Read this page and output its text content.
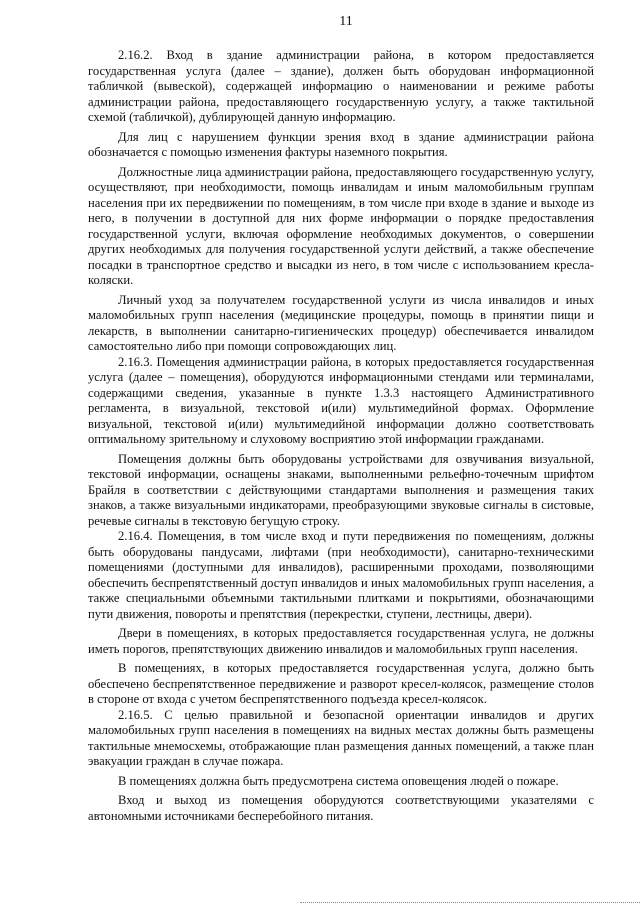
11

2.16.2. Вход в здание администрации района, в котором предоставляется государственная услуга (далее – здание), должен быть оборудован информационной табличкой (вывеской), содержащей информацию о наименовании и режиме работы администрации района, предоставляющего государственную услугу, а также тактильной схемой (табличкой), дублирующей данную информацию.

Для лиц с нарушением функции зрения вход в здание администрации района обозначается с помощью изменения фактуры наземного покрытия.

Должностные лица администрации района, предоставляющего государственную услугу, осуществляют, при необходимости, помощь инвалидам и иным маломобильным группам населения при их передвижении по помещениям, в том числе при входе в здание и выходе из него, в получении в доступной для них форме информации о порядке предоставления государственной услуги, включая оформление необходимых документов, о совершении других необходимых для получения государственной услуги действий, а также обеспечение посадки в транспортное средство и высадки из него, в том числе с использованием кресла-коляски.

Личный уход за получателем государственной услуги из числа инвалидов и иных маломобильных групп населения (медицинские процедуры, помощь в принятии пищи и лекарств, в выполнении санитарно-гигиенических процедур) обеспечивается инвалидом самостоятельно либо при помощи сопровождающих лиц.

2.16.3. Помещения администрации района, в которых предоставляется государственная услуга (далее – помещения), оборудуются информационными стендами или терминалами, содержащими сведения, указанные в пункте 1.3.3 настоящего Административного регламента, в визуальной, текстовой и(или) мультимедийной формах. Оформление визуальной, текстовой и(или) мультимедийной информации должно соответствовать оптимальному зрительному и слуховому восприятию этой информации гражданами.

Помещения должны быть оборудованы устройствами для озвучивания визуальной, текстовой информации, оснащены знаками, выполненными рельефно-точечным шрифтом Брайля в соответствии с действующими стандартами выполнения и размещения таких знаков, а также визуальными индикаторами, преобразующими звуковые сигналы в систовые, речевые сигналы в текстовую бегущую строку.

2.16.4. Помещения, в том числе вход и пути передвижения по помещениям, должны быть оборудованы пандусами, лифтами (при необходимости), санитарно-техническими помещениями (доступными для инвалидов), расширенными проходами, позволяющими обеспечить беспрепятственный доступ инвалидов и иных маломобильных групп населения, а также специальными объемными тактильными плитками и покрытиями, обозначающими пути движения, повороты и препятствия (перекрестки, ступени, лестницы, двери).

Двери в помещениях, в которых предоставляется государственная услуга, не должны иметь порогов, препятствующих движению инвалидов и маломобильных групп населения.

В помещениях, в которых предоставляется государственная услуга, должно быть обеспечено беспрепятственное передвижение и разворот кресел-колясок, размещение столов в стороне от входа с учетом беспрепятственного подъезда кресел-колясок.

2.16.5. С целью правильной и безопасной ориентации инвалидов и других маломобильных групп населения в помещениях на видных местах должны быть размещены тактильные мнемосхемы, отображающие план размещения данных помещений, а также план эвакуации граждан в случае пожара.

В помещениях должна быть предусмотрена система оповещения людей о пожаре.

Вход и выход из помещения оборудуются соответствующими указателями с автономными источниками бесперебойного питания.
